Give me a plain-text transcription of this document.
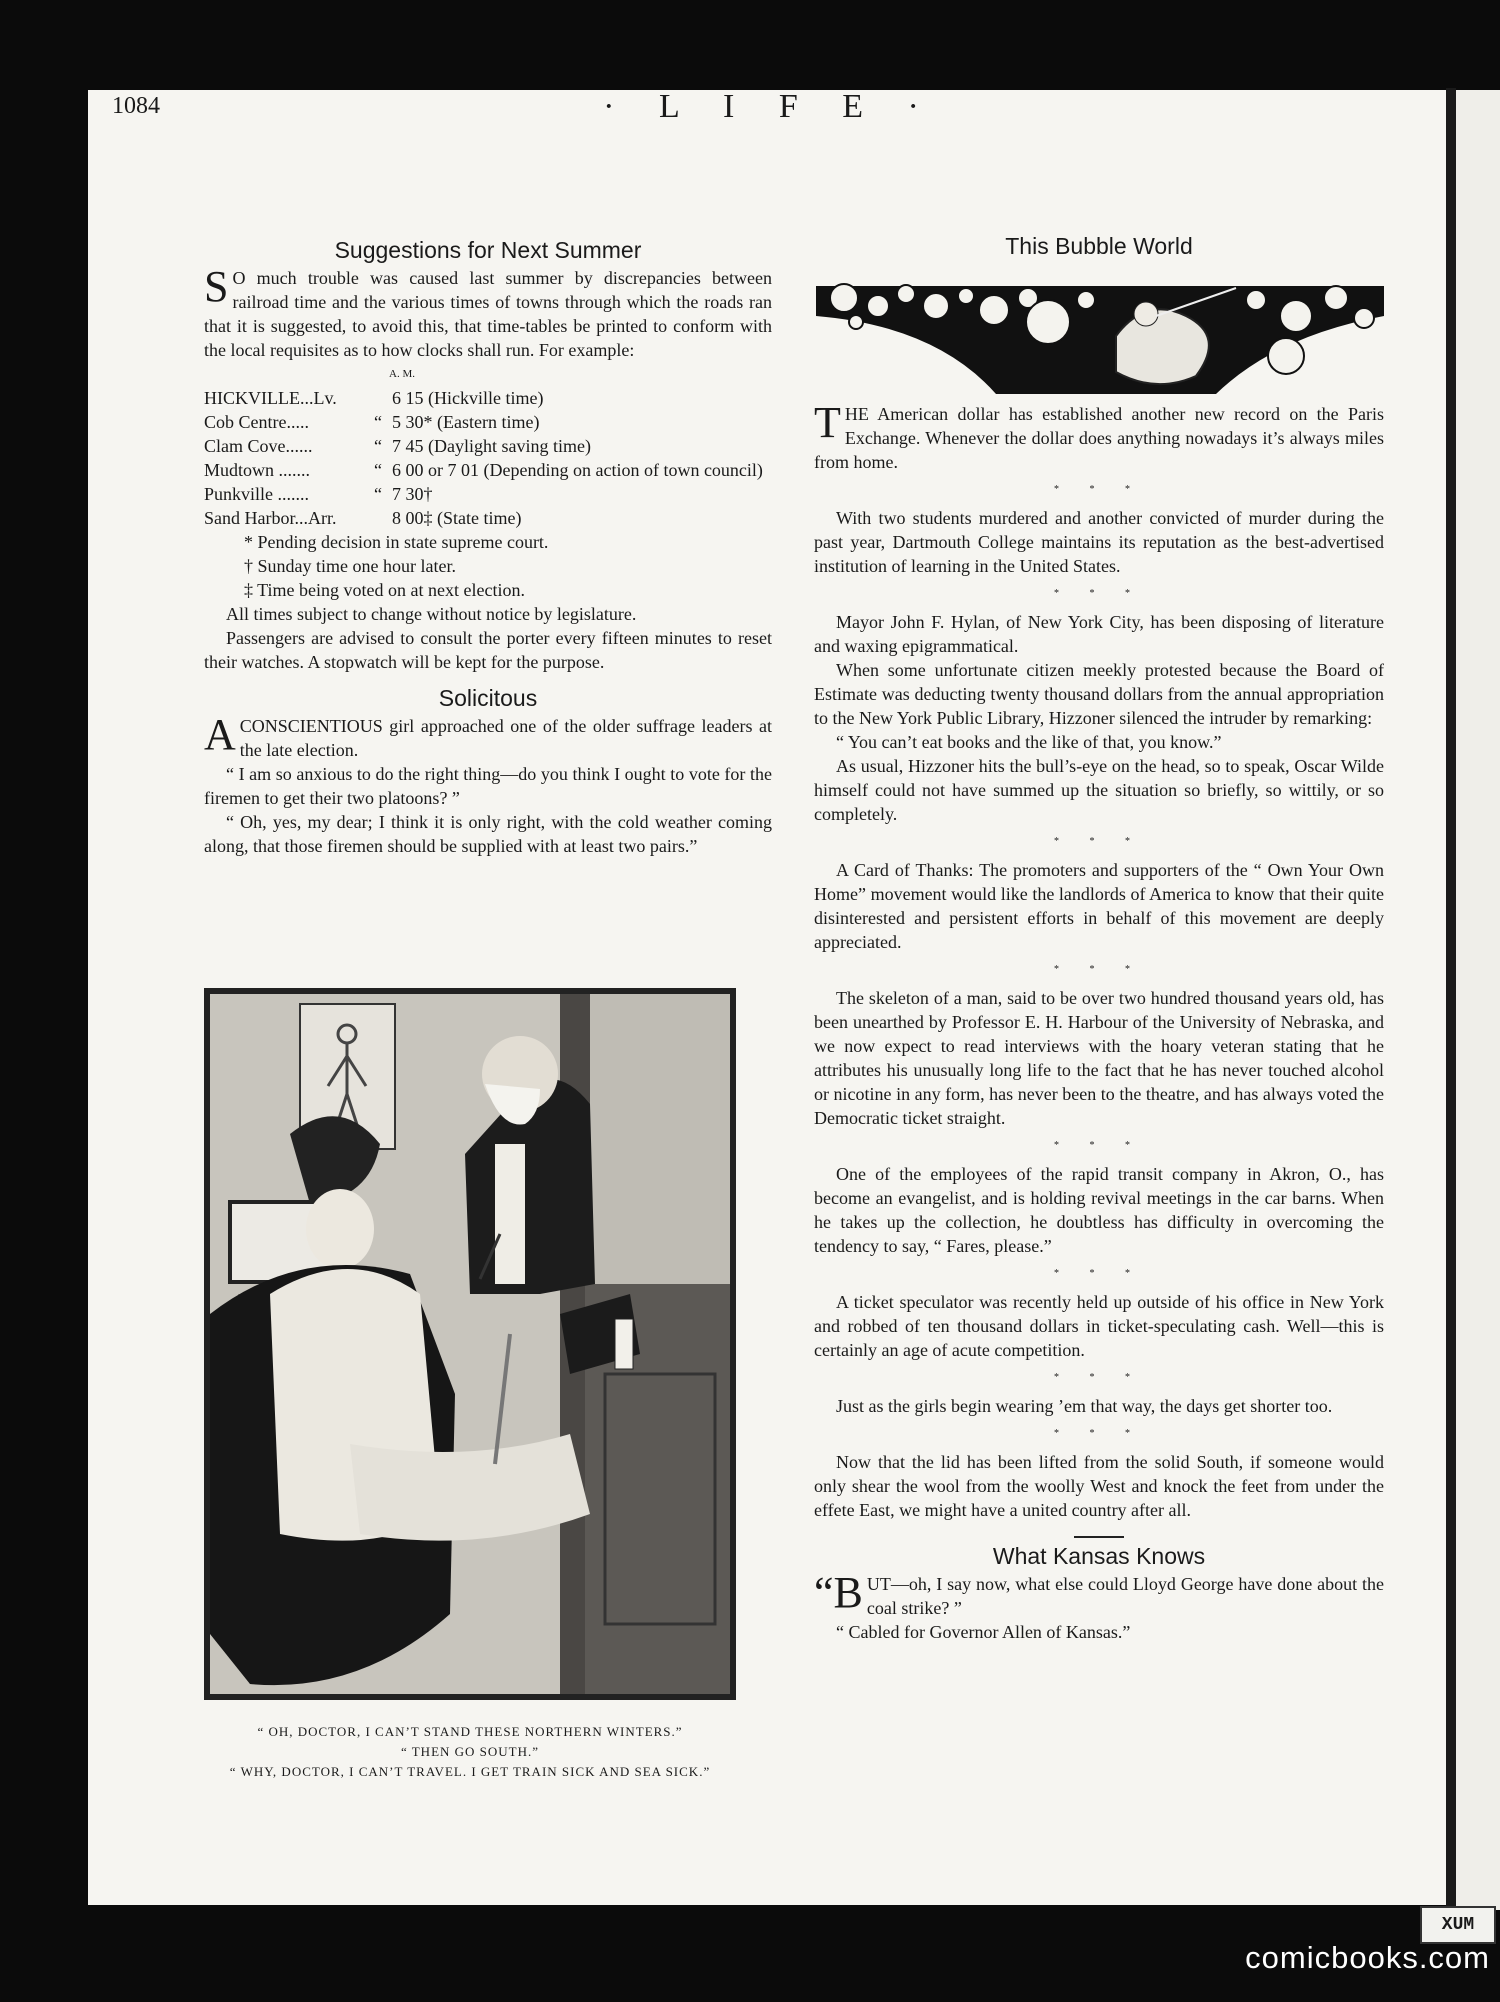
1084	· L I F E ·
Suggestions for Next Summer

S O much trouble was caused last summer by discrepancies between railroad time and the various times of towns through which the roads ran that it is suggested, to avoid this, that time-tables be printed to conform with the local requisites as to how clocks shall run. For example:

A. M.
HICKVILLE...Lv.		6 15 (Hickville time)
Cob Centre.....	“	5 30* (Eastern time)
Clam Cove......	“	7 45 (Daylight saving time)
Mudtown .......	“	6 00 or 7 01 (Depending on action of town council)
Punkville .......	“	7 30†
Sand Harbor...Arr.		8 00‡ (State time)

* Pending decision in state supreme court.

† Sunday time one hour later.

‡ Time being voted on at next election.

All times subject to change without notice by legislature.

Passengers are advised to consult the porter every fifteen minutes to reset their watches. A stopwatch will be kept for the purpose.

Solicitous

ACONSCIENTIOUS girl approached one of the older suffrage leaders at the late election.

“ I am so anxious to do the right thing—do you think I ought to vote for the firemen to get their two platoons? ”

“ Oh, yes, my dear; I think it is only right, with the cold weather coming along, that those firemen should be supplied with at least two pairs.”

“ OH, DOCTOR, I CAN’T STAND THESE NORTHERN WINTERS.”
“ THEN GO SOUTH.”
“ WHY, DOCTOR, I CAN’T TRAVEL. I GET TRAIN SICK AND SEA SICK.”
This Bubble World

THE American dollar has established another new record on the Paris Exchange. Whenever the dollar does anything nowadays it’s always miles from home.

* * *

With two students murdered and another convicted of murder during the past year, Dartmouth College maintains its reputation as the best-advertised institution of learning in the United States.

* * *

Mayor John F. Hylan, of New York City, has been disposing of literature and waxing epigrammatical.

When some unfortunate citizen meekly protested because the Board of Estimate was deducting twenty thousand dollars from the annual appropriation to the New York Public Library, Hizzoner silenced the intruder by remarking:

“ You can’t eat books and the like of that, you know.”

As usual, Hizzoner hits the bull’s-eye on the head, so to speak, Oscar Wilde himself could not have summed up the situation so briefly, so wittily, or so completely.

* * *

A Card of Thanks: The promoters and supporters of the “ Own Your Own Home” movement would like the landlords of America to know that their quite disinterested and persistent efforts in behalf of this movement are deeply appreciated.

* * *

The skeleton of a man, said to be over two hundred thousand years old, has been unearthed by Professor E. H. Harbour of the University of Nebraska, and we now expect to read interviews with the hoary veteran stating that he attributes his unusually long life to the fact that he has never touched alcohol or nicotine in any form, has never been to the theatre, and has always voted the Democratic ticket straight.

* * *

One of the employees of the rapid transit company in Akron, O., has become an evangelist, and is holding revival meetings in the car barns. When he takes up the collection, he doubtless has difficulty in overcoming the tendency to say, “ Fares, please.”

* * *

A ticket speculator was recently held up outside of his office in New York and robbed of ten thousand dollars in ticket-speculating cash. Well—this is certainly an age of acute competition.

* * *

Just as the girls begin wearing ’em that way, the days get shorter too.

* * *

Now that the lid has been lifted from the solid South, if someone would only shear the wool from the woolly West and knock the feet from under the effete East, we might have a united country after all.

What Kansas Knows

“BUT—oh, I say now, what else could Lloyd George have done about the coal strike? ”

“ Cabled for Governor Allen of Kansas.”

XUM
comicbooks.com
